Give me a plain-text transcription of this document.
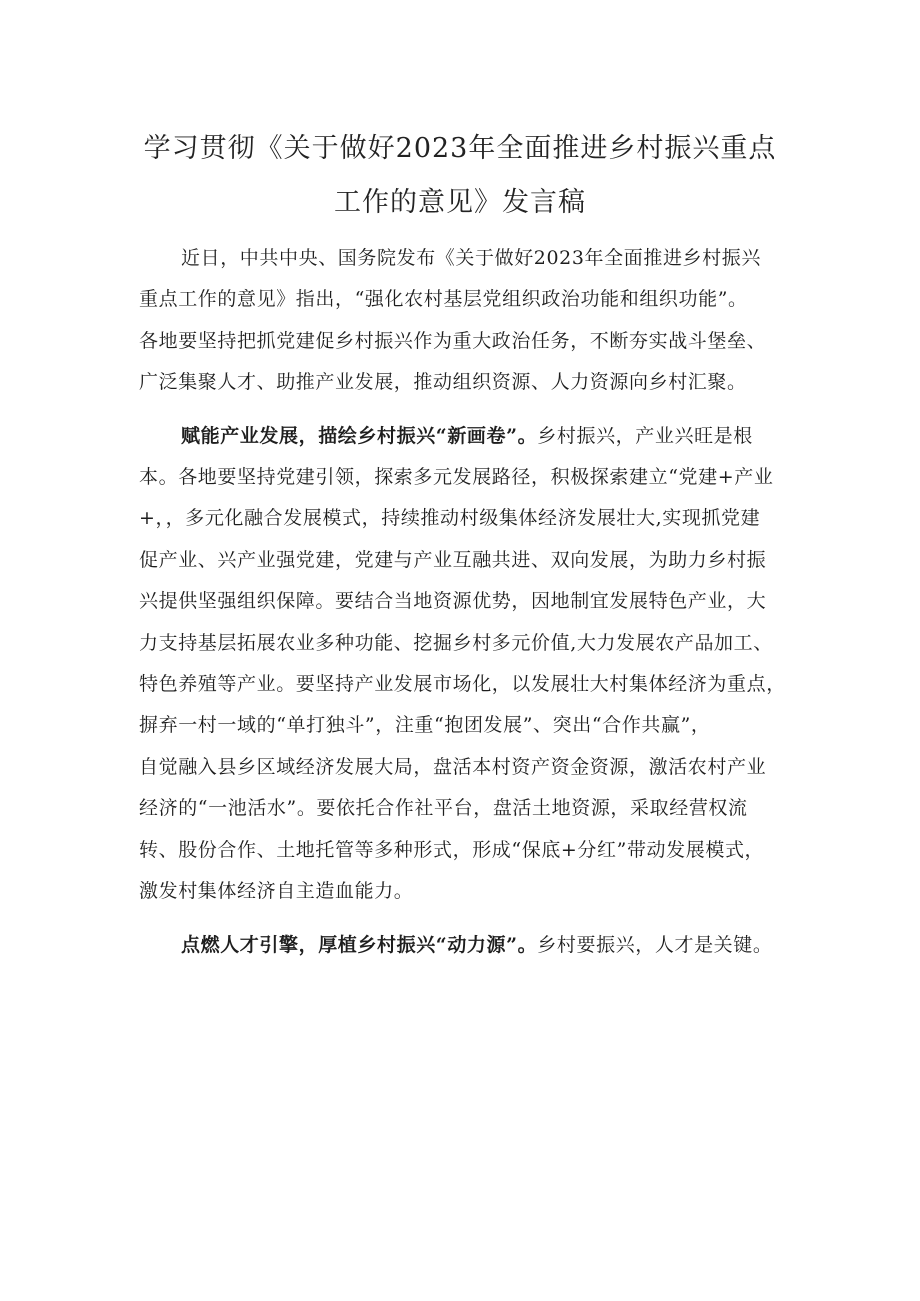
学习贯彻《关于做好2023年全面推进乡村振兴重点
工作的意见》发言稿
近日，中共中央、国务院发布《关于做好2023年全面推进乡村振兴
重点工作的意见》指出，“强化农村基层党组织政治功能和组织功能”。
各地要坚持把抓党建促乡村振兴作为重大政治任务，不断夯实战斗堡垒、
广泛集聚人才、助推产业发展，推动组织资源、人力资源向乡村汇聚。
赋能产业发展，描绘乡村振兴“新画卷”。乡村振兴，产业兴旺是根
本。各地要坚持党建引领，探索多元发展路径，积极探索建立“党建+产业
+，，多元化融合发展模式，持续推动村级集体经济发展壮大,实现抓党建
促产业、兴产业强党建，党建与产业互融共进、双向发展，为助力乡村振
兴提供坚强组织保障。要结合当地资源优势，因地制宜发展特色产业，大
力支持基层拓展农业多种功能、挖掘乡村多元价值,大力发展农产品加工、
特色养殖等产业。要坚持产业发展市场化，以发展壮大村集体经济为重点，
摒弃一村一域的“单打独斗”，注重“抱团发展”、突出“合作共赢”，
自觉融入县乡区域经济发展大局，盘活本村资产资金资源，激活农村产业
经济的“一池活水”。要依托合作社平台，盘活土地资源，采取经营权流
转、股份合作、土地托管等多种形式，形成“保底+分红”带动发展模式，
激发村集体经济自主造血能力。
点燃人才引擎，厚植乡村振兴“动力源”。乡村要振兴，人才是关键。
